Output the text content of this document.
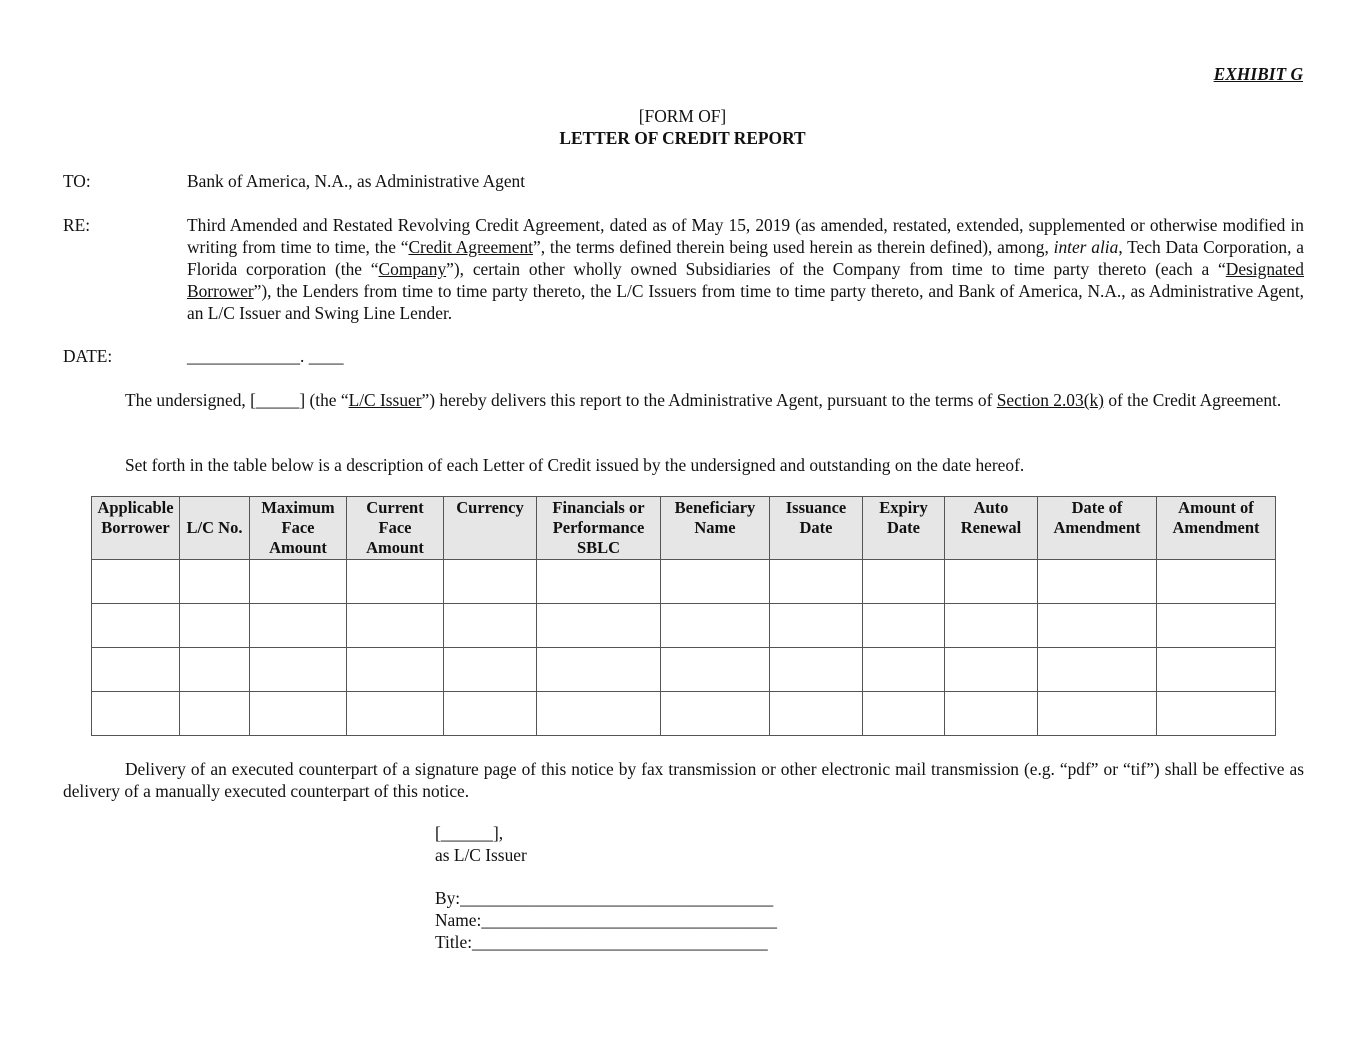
EXHIBIT G
[FORM OF]
LETTER OF CREDIT REPORT
TO:	Bank of America, N.A., as Administrative Agent
RE:	Third Amended and Restated Revolving Credit Agreement, dated as of May 15, 2019 (as amended, restated, extended, supplemented or otherwise modified in writing from time to time, the “Credit Agreement”, the terms defined therein being used herein as therein defined), among, inter alia, Tech Data Corporation, a Florida corporation (the “Company”), certain other wholly owned Subsidiaries of the Company from time to time party thereto (each a “Designated Borrower”), the Lenders from time to time party thereto, the L/C Issuers from time to time party thereto, and Bank of America, N.A., as Administrative Agent, an L/C Issuer and Swing Line Lender.
DATE:	_____________. ____
The undersigned, [_____] (the “L/C Issuer”) hereby delivers this report to the Administrative Agent, pursuant to the terms of Section 2.03(k) of the Credit Agreement.
Set forth in the table below is a description of each Letter of Credit issued by the undersigned and outstanding on the date hereof.
Applicable Borrower	L/C No.	Maximum Face Amount	Current Face Amount	Currency	Financials or Performance SBLC	Beneficiary Name	Issuance Date	Expiry Date	Auto Renewal	Date of Amendment	Amount of Amendment

Delivery of an executed counterpart of a signature page of this notice by fax transmission or other electronic mail transmission (e.g. “pdf” or “tif”) shall be effective as delivery of a manually executed counterpart of this notice.
[______],
as L/C Issuer
By:____________________________________
Name:__________________________________
Title:__________________________________
